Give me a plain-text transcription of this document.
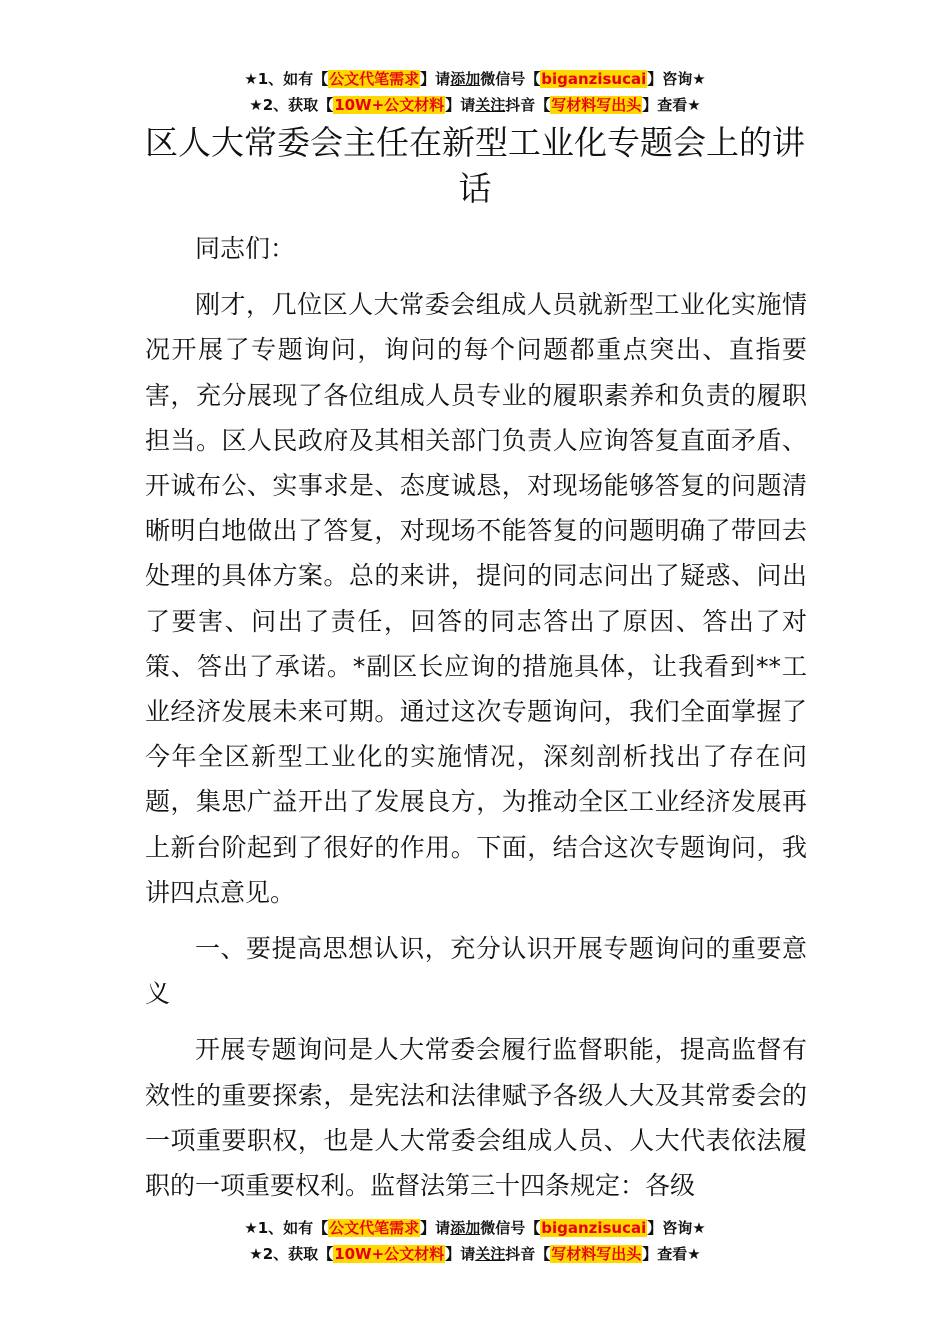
★1、如有【公文代笔需求】请添加微信号【biganzisucai】咨询★
★2、获取【10W+公文材料】请关注抖音【写材料写出头】查看★
区人大常委会主任在新型工业化专题会上的讲话

同志们：

刚才，几位区人大常委会组成人员就新型工业化实施情况开展了专题询问，询问的每个问题都重点突出、直指要害，充分展现了各位组成人员专业的履职素养和负责的履职担当。区人民政府及其相关部门负责人应询答复直面矛盾、开诚布公、实事求是、态度诚恳，对现场能够答复的问题清晰明白地做出了答复，对现场不能答复的问题明确了带回去处理的具体方案。总的来讲，提问的同志问出了疑惑、问出了要害、问出了责任，回答的同志答出了原因、答出了对策、答出了承诺。*副区长应询的措施具体，让我看到**工业经济发展未来可期。通过这次专题询问，我们全面掌握了今年全区新型工业化的实施情况，深刻剖析找出了存在问题，集思广益开出了发展良方，为推动全区工业经济发展再上新台阶起到了很好的作用。下面，结合这次专题询问，我讲四点意见。

一、要提高思想认识，充分认识开展专题询问的重要意义

开展专题询问是人大常委会履行监督职能，提高监督有效性的重要探索，是宪法和法律赋予各级人大及其常委会的一项重要职权，也是人大常委会组成人员、人大代表依法履职的一项重要权利。监督法第三十四条规定：各级

★1、如有【公文代笔需求】请添加微信号【biganzisucai】咨询★
★2、获取【10W+公文材料】请关注抖音【写材料写出头】查看★
